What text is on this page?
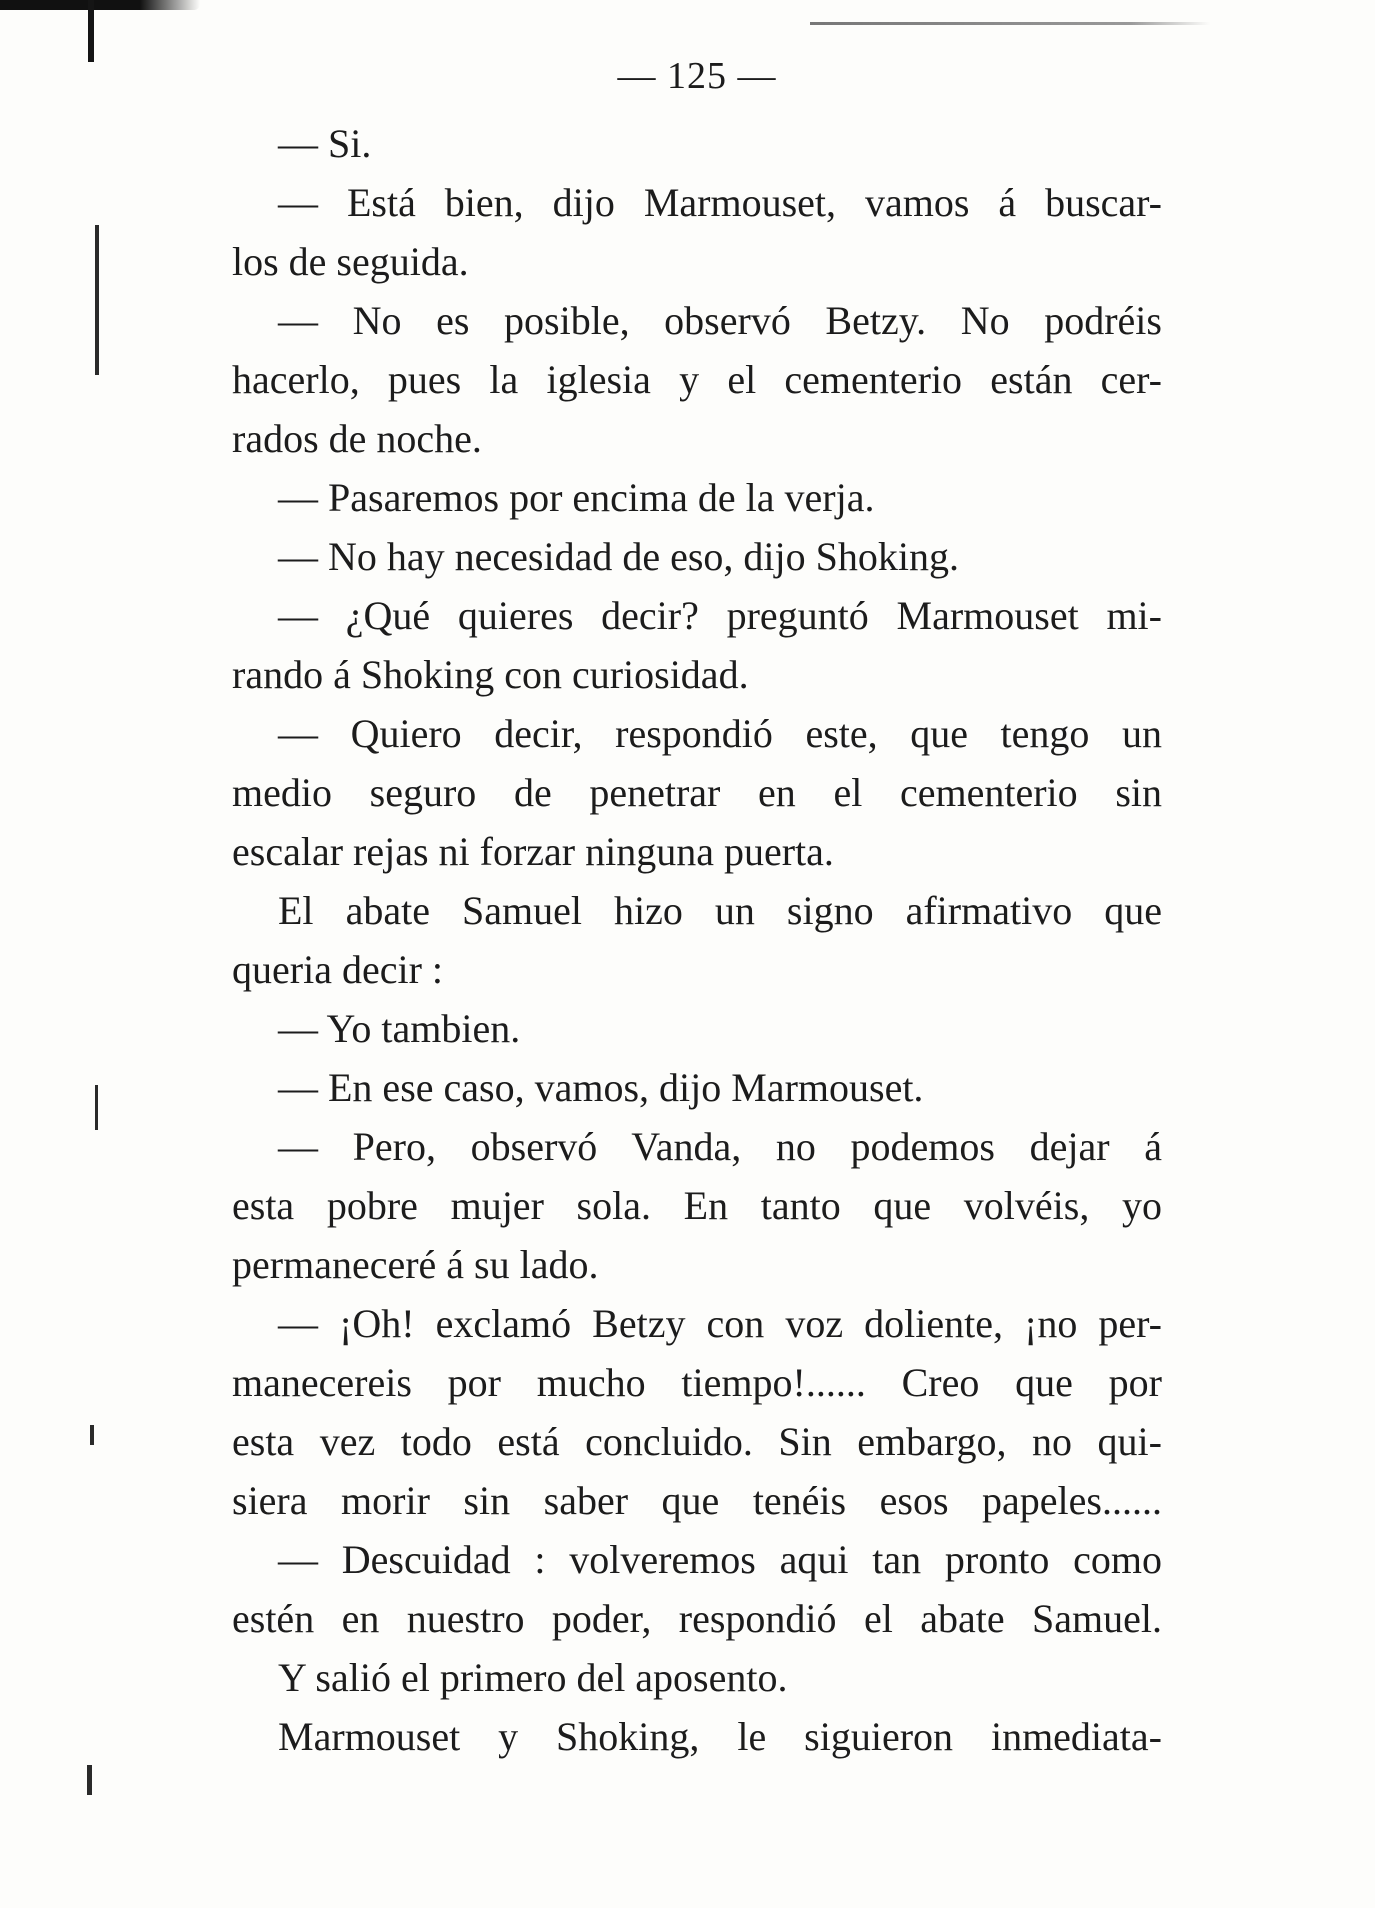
— 125 —
— Si.
— Está bien, dijo Marmouset, vamos á buscar-
los de seguida.
— No es posible, observó Betzy. No podréis
hacerlo, pues la iglesia y el cementerio están cer-
rados de noche.
— Pasaremos por encima de la verja.
— No hay necesidad de eso, dijo Shoking.
— ¿Qué quieres decir? preguntó Marmouset mi-
rando á Shoking con curiosidad.
— Quiero decir, respondió este, que tengo un
medio seguro de penetrar en el cementerio sin
escalar rejas ni forzar ninguna puerta.
El abate Samuel hizo un signo afirmativo que
queria decir :
— Yo tambien.
— En ese caso, vamos, dijo Marmouset.
— Pero, observó Vanda, no podemos dejar á
esta pobre mujer sola. En tanto que volvéis, yo
permaneceré á su lado.
— ¡Oh! exclamó Betzy con voz doliente, ¡no per-
manecereis por mucho tiempo!...... Creo que por
esta vez todo está concluido. Sin embargo, no qui-
siera morir sin saber que tenéis esos papeles......
— Descuidad : volveremos aqui tan pronto como
estén en nuestro poder, respondió el abate Samuel.
Y salió el primero del aposento.
Marmouset y Shoking, le siguieron inmediata-
